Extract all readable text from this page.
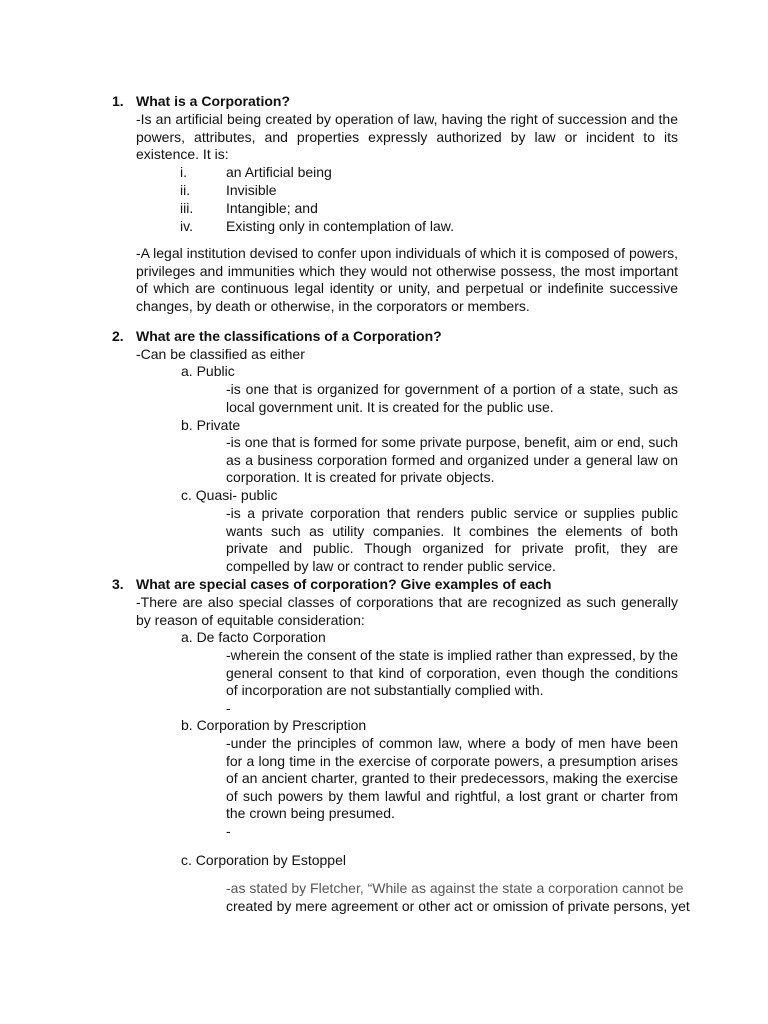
1. What is a Corporation?

-Is an artificial being created by operation of law, having the right of succession and the powers, attributes, and properties expressly authorized by law or incident to its existence. It is:

i.	an Artificial being
ii.	Invisible
iii. Intangible; and
iv. Existing only in contemplation of law.

-A legal institution devised to confer upon individuals of which it is composed of powers, privileges and immunities which they would not otherwise possess, the most important of which are continuous legal identity or unity, and perpetual or indefinite successive changes, by death or otherwise, in the corporators or members.

2. What are the classifications of a Corporation?

-Can be classified as either

a. Public

-is one that is organized for government of a portion of a state, such as local government unit. It is created for the public use.

b. Private

-is one that is formed for some private purpose, benefit, aim or end, such as a business corporation formed and organized under a general law on corporation. It is created for private objects.

c. Quasi- public

-is a private corporation that renders public service or supplies public wants such as utility companies. It combines the elements of both private and public. Though organized for private profit, they are compelled by law or contract to render public service.

3. What are special cases of corporation? Give examples of each

-There are also special classes of corporations that are recognized as such generally by reason of equitable consideration:

a. De facto Corporation

-wherein the consent of the state is implied rather than expressed, by the general consent to that kind of corporation, even though the conditions of incorporation are not substantially complied with.

-
b. Corporation by Prescription

-under the principles of common law, where a body of men have been for a long time in the exercise of corporate powers, a presumption arises of an ancient charter, granted to their predecessors, making the exercise of such powers by them lawful and rightful, a lost grant or charter from the crown being presumed.

-
c. Corporation by Estoppel
-as stated by Fletcher, “While as against the state a corporation cannot be
created by mere agreement or other act or omission of private persons, yet
